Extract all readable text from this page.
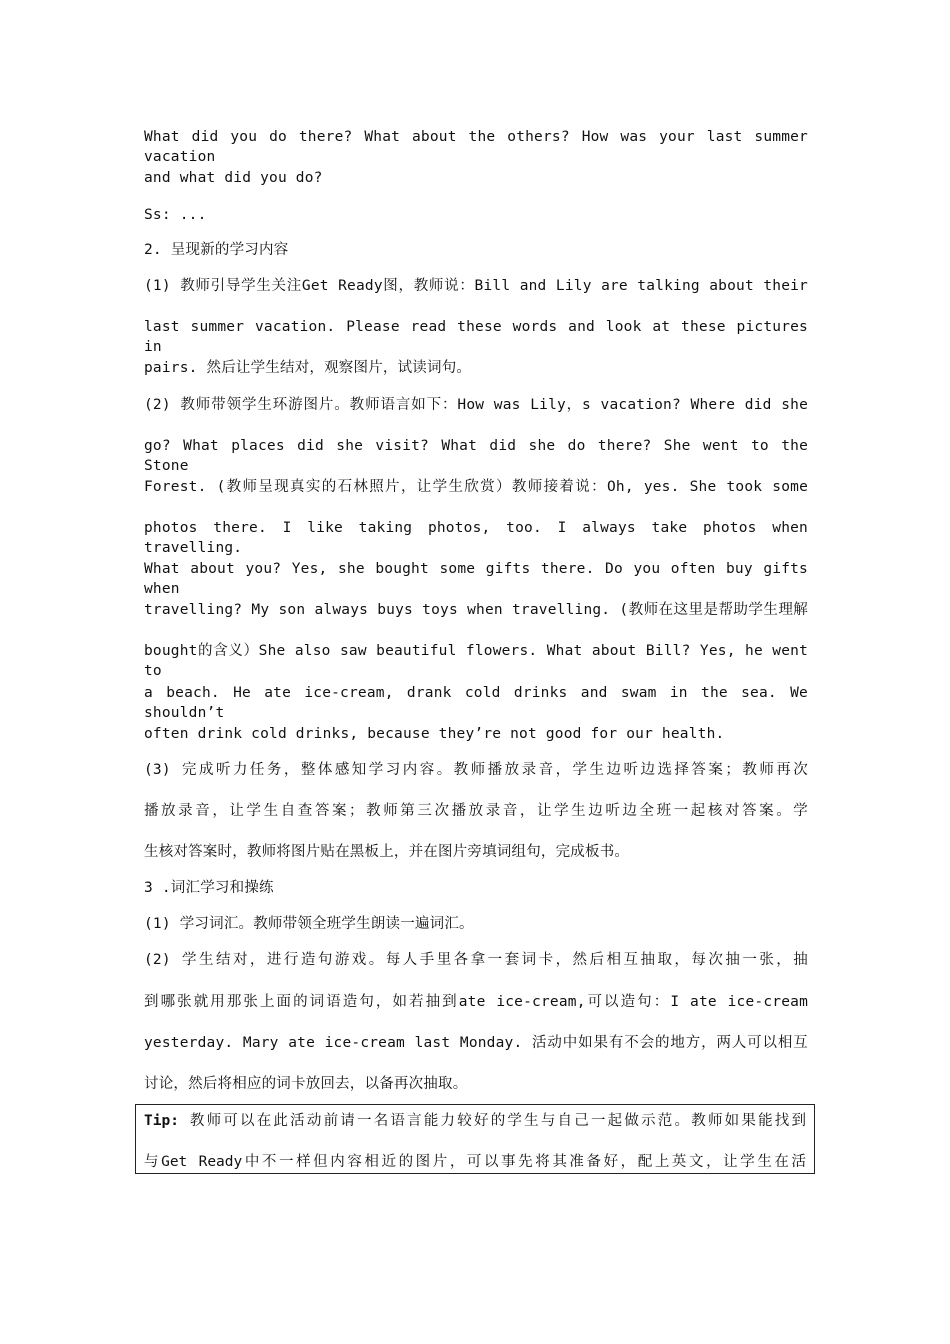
What did you do there? What about the others? How was your last summer vacation
and what did you do?
Ss: ...
2. 呈现新的学习内容
(1) 教师引导学生关注Get Ready图，教师说：Bill and Lily are talking about their
last summer vacation. Please read these words and look at these pictures in
pairs. 然后让学生结对，观察图片，试读词句。
(2) 教师带领学生环游图片。教师语言如下：How was Lily，s vacation? Where did she
go? What places did she visit? What did she do there? She went to the Stone
Forest. (教师呈现真实的石林照片，让学生欣赏）教师接着说：Oh, yes. She took some
photos there. I like taking photos, too. I always take photos when travelling.
What about you? Yes, she bought some gifts there. Do you often buy gifts when
travelling? My son always buys toys when travelling. (教师在这里是帮助学生理解
bought的含义）She also saw beautiful flowers. What about Bill? Yes, he went to
a beach. He ate ice-cream, drank cold drinks and swam in the sea. We shouldn’t
often drink cold drinks, because they’re not good for our health.
(3) 完成听力任务，整体感知学习内容。教师播放录音，学生边听边选择答案；教师再次
播放录音，让学生自查答案；教师第三次播放录音，让学生边听边全班一起核对答案。学
生核对答案时，教师将图片贴在黑板上，并在图片旁填词组句，完成板书。
3 .词汇学习和操练
(1) 学习词汇。教师带领全班学生朗读一遍词汇。
(2) 学生结对，进行造句游戏。每人手里各拿一套词卡，然后相互抽取，每次抽一张，抽
到哪张就用那张上面的词语造句，如若抽到ate ice-cream,可以造句：I ate ice-cream
yesterday. Mary ate ice-cream last Monday. 活动中如果有不会的地方，两人可以相互
讨论，然后将相应的词卡放回去，以备再次抽取。
Tip: 教师可以在此活动前请一名语言能力较好的学生与自己一起做示范。教师如果能找到
与Get Ready中不一样但内容相近的图片，可以事先将其准备好，配上英文，让学生在活
